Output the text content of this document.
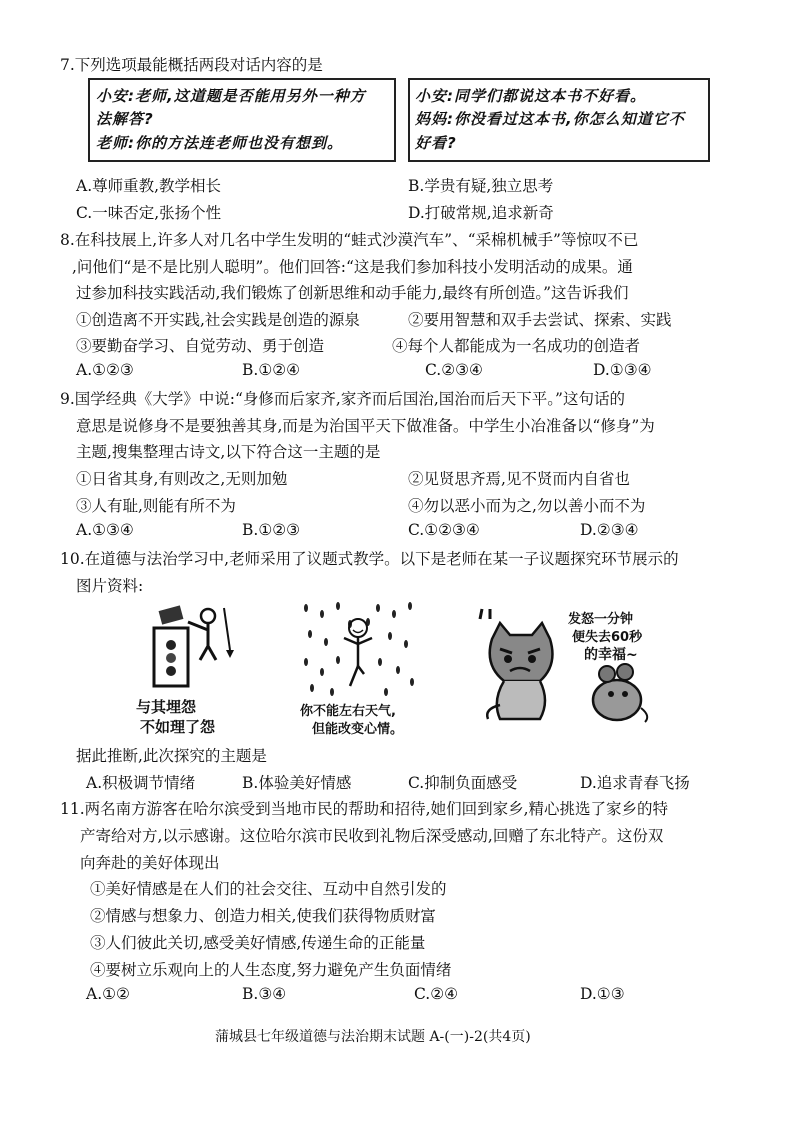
7.下列选项最能概括两段对话内容的是
小安:老师,这道题是否能用另外一种方
法解答?
老师:你的方法连老师也没有想到。
小安:同学们都说这本书不好看。
妈妈:你没看过这本书,你怎么知道它不
好看?
A.尊师重教,教学相长	B.学贵有疑,独立思考
C.一味否定,张扬个性	D.打破常规,追求新奇
8.在科技展上,许多人对几名中学生发明的“蛙式沙漠汽车”、“采棉机械手”等惊叹不已
,问他们“是不是比别人聪明”。他们回答:“这是我们参加科技小发明活动的成果。通
过参加科技实践活动,我们锻炼了创新思维和动手能力,最终有所创造。”这告诉我们
①创造离不开实践,社会实践是创造的源泉	②要用智慧和双手去尝试、探索、实践
③要勤奋学习、自觉劳动、勇于创造	④每个人都能成为一名成功的创造者
A.①②③	B.①②④	C.②③④	D.①③④
9.国学经典《大学》中说:“身修而后家齐,家齐而后国治,国治而后天下平。”这句话的
意思是说修身不是要独善其身,而是为治国平天下做准备。中学生小冶准备以“修身”为
主题,搜集整理古诗文,以下符合这一主题的是
①日省其身,有则改之,无则加勉	②见贤思齐焉,见不贤而内自省也
③人有耻,则能有所不为	④勿以恶小而为之,勿以善小而不为
A.①③④	B.①②③	C.①②③④	D.②③④
10.在道德与法治学习中,老师采用了议题式教学。以下是老师在某一子议题探究环节展示的
图片资料:
与其埋怨
不如理了怨
你不能左右天气,
但能改变心情。
发怒一分钟
便失去60秒
的幸福~
据此推断,此次探究的主题是
A.积极调节情绪	B.体验美好情感	C.抑制负面感受	D.追求青春飞扬
11.两名南方游客在哈尔滨受到当地市民的帮助和招待,她们回到家乡,精心挑选了家乡的特
产寄给对方,以示感谢。这位哈尔滨市民收到礼物后深受感动,回赠了东北特产。这份双
向奔赴的美好体现出
①美好情感是在人们的社会交往、互动中自然引发的
②情感与想象力、创造力相关,使我们获得物质财富
③人们彼此关切,感受美好情感,传递生命的正能量
④要树立乐观向上的人生态度,努力避免产生负面情绪
A.①②	B.③④	C.②④	D.①③
蒲城县七年级道德与法治期末试题 A-(一)-2(共4页)
